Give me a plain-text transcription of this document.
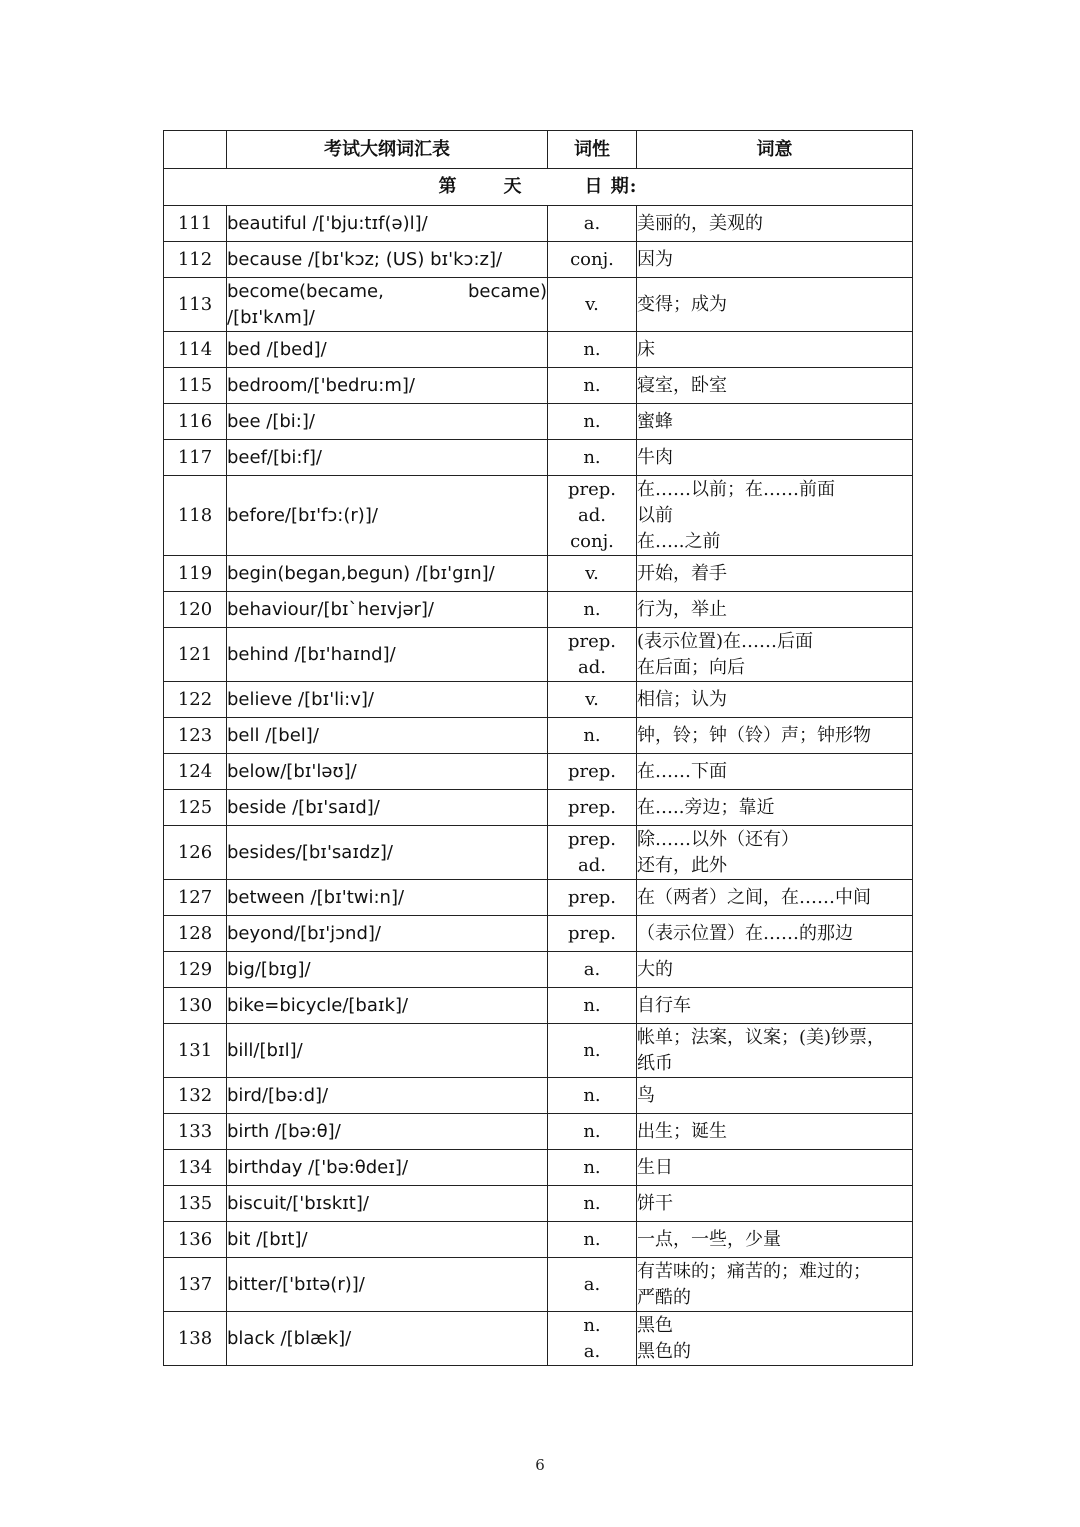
	考试大纲词汇表	词性	词意
第 天 日 期:			
111	beautiful /['bju:tɪf(ə)l]/	a.	美丽的，美观的

112	because /[bɪ'kɔz; (US) bɪ'kɔ:z]/	conj.	因为

113	become(became, became)
/[bɪ'kʌm]/	v.	变得；成为

114	bed /[bed]/	n.	床

115	bedroom/['bedru:m]/	n.	寝室，卧室

116	bee /[bi:]/	n.	蜜蜂

117	beef/[bi:f]/	n.	牛肉

118	before/[bɪ'fɔ:(r)]/	prep.
ad.
conj.	在……以前；在……前面
以前
在…..之前

119	begin(began,begun) /[bɪ'gɪn]/	v.	开始，着手

120	behaviour/[bɪ`heɪvjər]/	n.	行为，举止

121	behind /[bɪ'haɪnd]/	prep.
ad.	(表示位置)在……后面
在后面；向后

122	believe /[bɪ'li:v]/	v.	相信；认为

123	bell /[bel]/	n.	钟，铃；钟（铃）声；钟形物

124	below/[bɪ'ləʊ]/	prep.	在……下面

125	beside /[bɪ'saɪd]/	prep.	在…..旁边；靠近

126	besides/[bɪ'saɪdz]/	prep.
ad.	除……以外（还有）
还有，此外

127	between /[bɪ'twi:n]/	prep.	在（两者）之间，在……中间

128	beyond/[bɪ'jɔnd]/	prep.	（表示位置）在……的那边

129	big/[bɪg]/	a.	大的

130	bike=bicycle/[baɪk]/	n.	自行车

131	bill/[bɪl]/	n.	帐单；法案，议案；(美)钞票，
纸币

132	bird/[bə:d]/	n.	鸟

133	birth /[bə:θ]/	n.	出生；诞生

134	birthday /['bə:θdeɪ]/	n.	生日

135	biscuit/['bɪskɪt]/	n.	饼干

136	bit /[bɪt]/	n.	一点，一些，少量

137	bitter/['bɪtə(r)]/	a.	有苦味的；痛苦的；难过的；
严酷的

138	black /[blæk]/	n.
a.	黑色
黑色的
6
